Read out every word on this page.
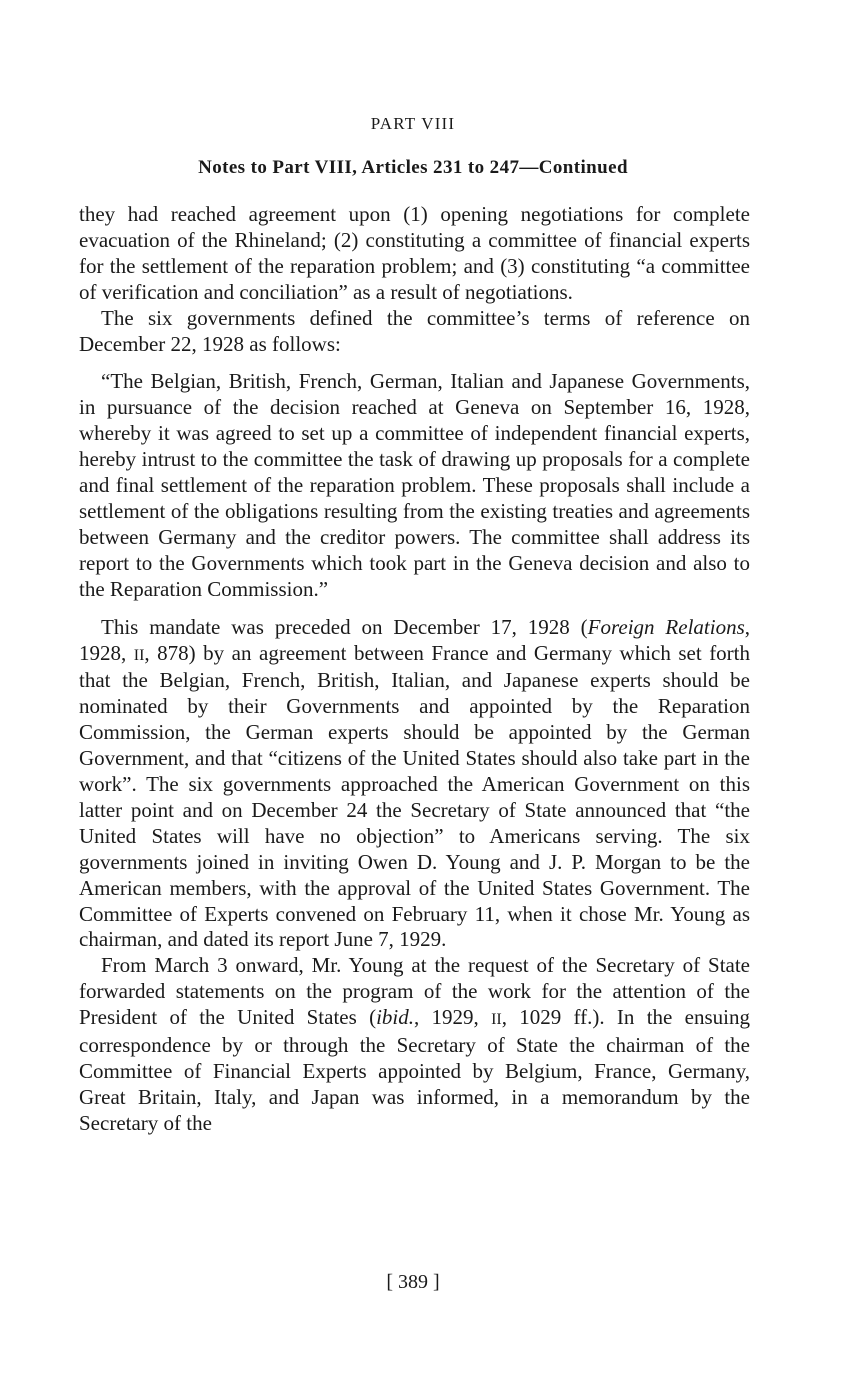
PART VIII
Notes to Part VIII, Articles 231 to 247—Continued

they had reached agreement upon (1) opening negotiations for complete evacuation of the Rhineland; (2) constituting a committee of financial experts for the settlement of the reparation problem; and (3) constituting “a committee of verification and conciliation” as a result of negotiations.

The six governments defined the committee’s terms of reference on December 22, 1928 as follows:

“The Belgian, British, French, German, Italian and Japanese Governments, in pursuance of the decision reached at Geneva on September 16, 1928, whereby it was agreed to set up a committee of independent financial experts, hereby intrust to the committee the task of drawing up proposals for a complete and final settlement of the reparation problem. These proposals shall include a settlement of the obligations resulting from the existing treaties and agreements between Germany and the creditor powers. The committee shall address its report to the Governments which took part in the Geneva decision and also to the Reparation Commission.”

This mandate was preceded on December 17, 1928 (Foreign Relations, 1928, II, 878) by an agreement between France and Germany which set forth that the Belgian, French, British, Italian, and Japanese experts should be nominated by their Governments and appointed by the Reparation Commission, the German experts should be appointed by the German Government, and that “citizens of the United States should also take part in the work”. The six governments approached the American Government on this latter point and on December 24 the Secretary of State announced that “the United States will have no objection” to Americans serving. The six governments joined in inviting Owen D. Young and J. P. Morgan to be the American members, with the approval of the United States Government. The Committee of Experts convened on February 11, when it chose Mr. Young as chairman, and dated its report June 7, 1929.

From March 3 onward, Mr. Young at the request of the Secretary of State forwarded statements on the program of the work for the attention of the President of the United States (ibid., 1929, II, 1029 ff.). In the ensuing correspondence by or through the Secretary of State the chairman of the Committee of Financial Experts appointed by Belgium, France, Germany, Great Britain, Italy, and Japan was informed, in a memorandum by the Secretary of the

[ 389 ]
